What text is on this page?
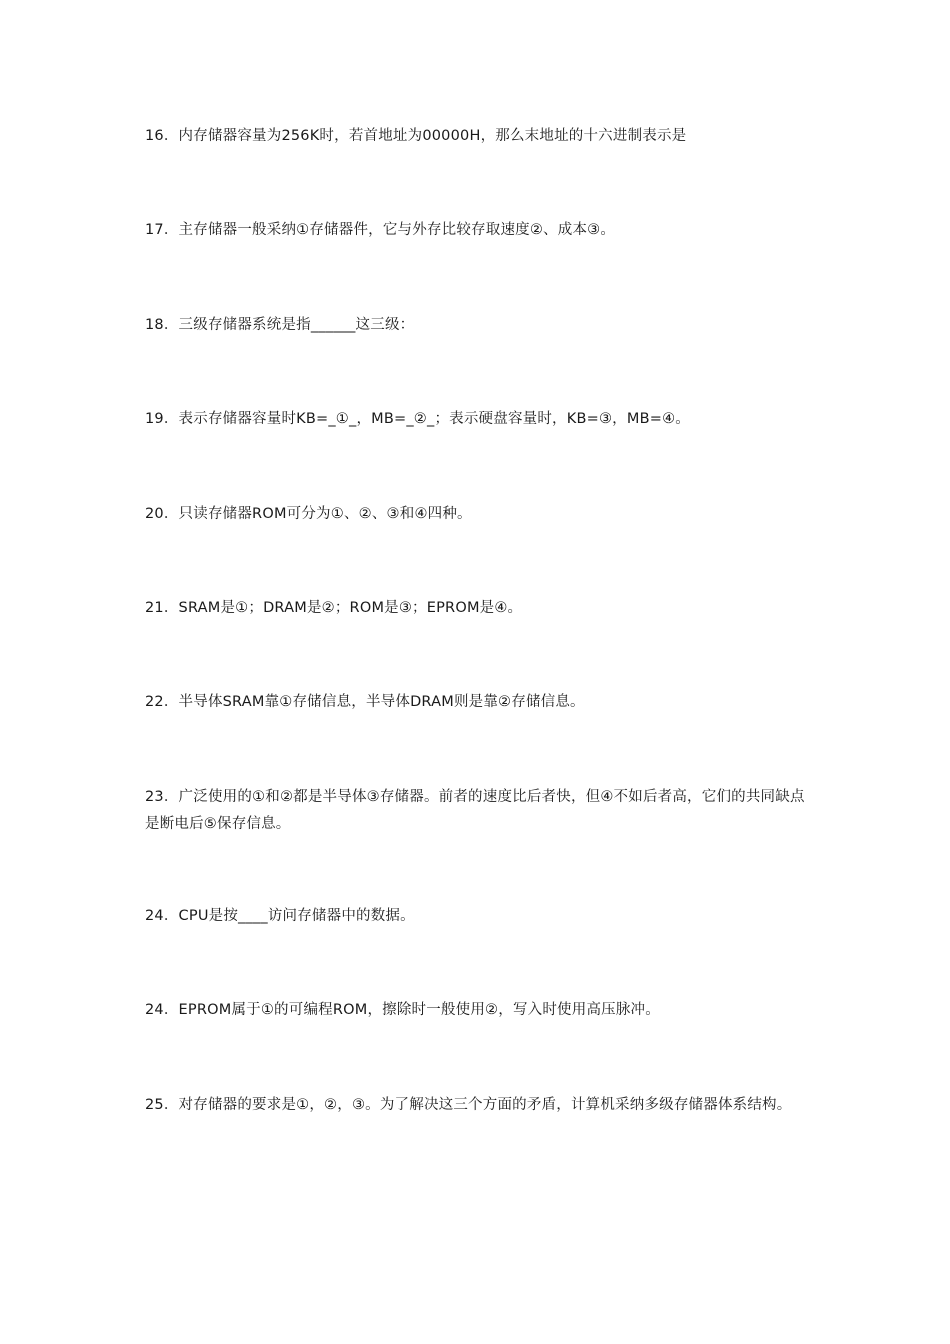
16．内存储器容量为256K时，若首地址为00000H，那么末地址的十六进制表示是

17．主存储器一般采纳①存储器件，它与外存比较存取速度②、成本③。

18．三级存储器系统是指______这三级：

19．表示存储器容量时KB=_①_，MB=_②_；表示硬盘容量时，KB=③，MB=④。

20．只读存储器ROM可分为①、②、③和④四种。

21．SRAM是①；DRAM是②；ROM是③；EPROM是④。

22．半导体SRAM靠①存储信息，半导体DRAM则是靠②存储信息。

23．广泛使用的①和②都是半导体③存储器。前者的速度比后者快，但④不如后者高，它们的共同缺点是断电后⑤保存信息。

24．CPU是按____访问存储器中的数据。

24．EPROM属于①的可编程ROM，擦除时一般使用②，写入时使用高压脉冲。

25．对存储器的要求是①，②，③。为了解决这三个方面的矛盾，计算机采纳多级存储器体系结构。
